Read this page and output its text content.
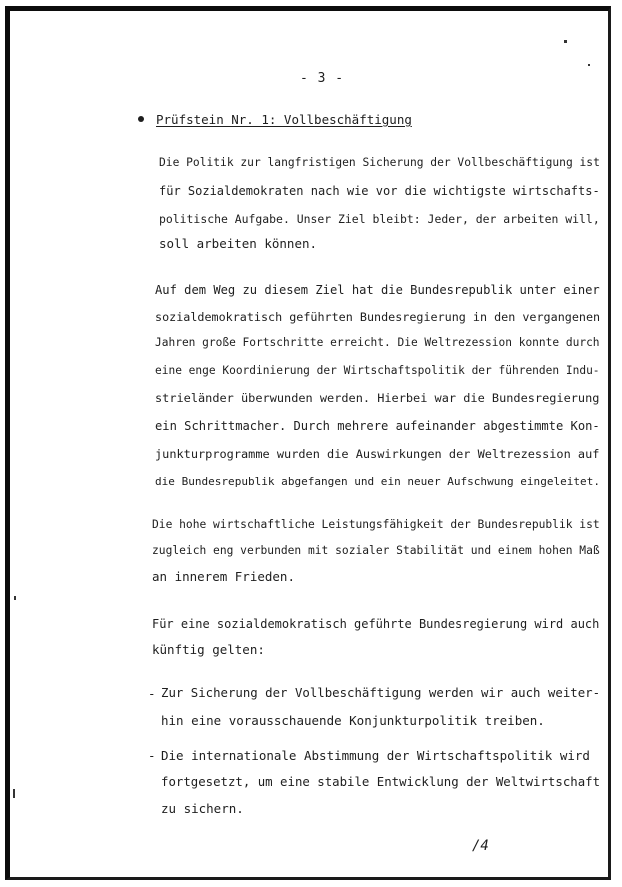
- 3 -
Prüfstein Nr. 1: Vollbeschäftigung
Die Politik zur langfristigen Sicherung der Vollbeschäftigung ist
für Sozialdemokraten nach wie vor die wichtigste wirtschafts-
politische Aufgabe. Unser Ziel bleibt: Jeder, der arbeiten will,
soll arbeiten können.
Auf dem Weg zu diesem Ziel hat die Bundesrepublik unter einer
sozialdemokratisch geführten Bundesregierung in den vergangenen
Jahren große Fortschritte erreicht. Die Weltrezession konnte durch
eine enge Koordinierung der Wirtschaftspolitik der führenden Indu-
strieländer überwunden werden. Hierbei war die Bundesregierung
ein Schrittmacher. Durch mehrere aufeinander abgestimmte Kon-
junkturprogramme wurden die Auswirkungen der Weltrezession auf
die Bundesrepublik abgefangen und ein neuer Aufschwung eingeleitet.
Die hohe wirtschaftliche Leistungsfähigkeit der Bundesrepublik ist
zugleich eng verbunden mit sozialer Stabilität und einem hohen Maß
an innerem Frieden.
Für eine sozialdemokratisch geführte Bundesregierung wird auch
künftig gelten:
- Zur Sicherung der Vollbeschäftigung werden wir auch weiter-
hin eine vorausschauende Konjunkturpolitik treiben.
- Die internationale Abstimmung der Wirtschaftspolitik wird
fortgesetzt, um eine stabile Entwicklung der Weltwirtschaft
zu sichern.
/4
